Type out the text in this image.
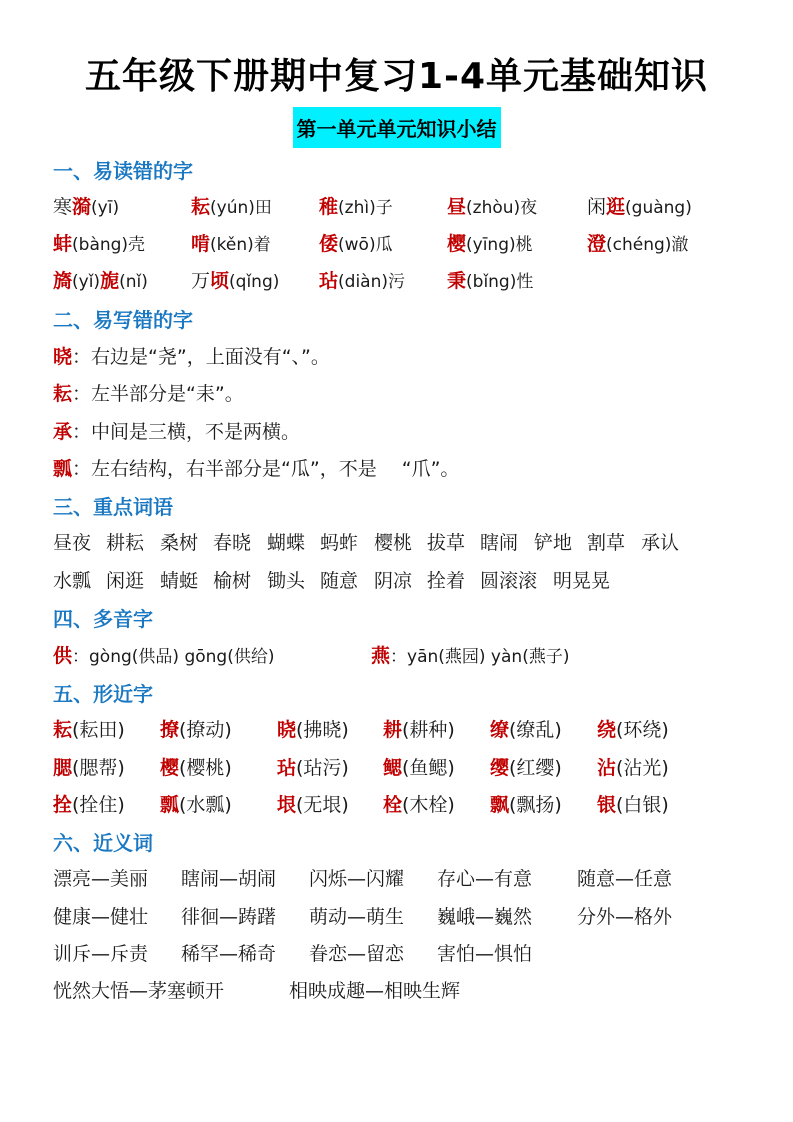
五年级下册期中复习1-4单元基础知识
第一单元单元知识小结
一、易读错的字
寒漪(yī)	耘(yún)田 稚(zhì)子	昼(zhòu)夜	闲逛(guàng)
蚌(bàng)壳 啃(kěn)着	倭(wō)瓜	樱(yīng)桃	澄(chéng)澈
旖(yǐ)旎(nǐ) 万顷(qǐng) 玷(diàn)污 秉(bǐng)性
二、易写错的字
晓：右边是“尧”，上面没有“、”。
耘：左半部分是“耒”。
承：中间是三横，不是两横。
瓢：左右结构，右半部分是“瓜”，不是　 “爪”。
三、重点词语
昼夜 耕耘 桑树 春晓 蝴蝶 蚂蚱 樱桃 拔草 瞎闹 铲地 割草 承认
水瓢 闲逛 蜻蜓 榆树 锄头 随意 阴凉 拴着 圆滚滚 明晃晃
四、多音字
供：gòng(供品) gōng(供给)	燕：yān(燕园) yàn(燕子)
五、形近字
耘(耘田) 撩(撩动) 晓(拂晓) 耕(耕种) 缭(缭乱) 绕(环绕)
腮(腮帮) 樱(樱桃) 玷(玷污) 鳃(鱼鳃) 缨(红缨) 沾(沾光)
拴(拴住) 瓢(水瓢) 垠(无垠) 栓(木栓) 飘(飘扬) 银(白银)
六、近义词
漂亮—美丽 瞎闹—胡闹 闪烁—闪耀 存心—有意 随意—任意
健康—健壮 徘徊—踌躇 萌动—萌生 巍峨—巍然 分外—格外
训斥—斥责 稀罕—稀奇 眷恋—留恋 害怕—惧怕
恍然大悟—茅塞顿开	相映成趣—相映生辉
